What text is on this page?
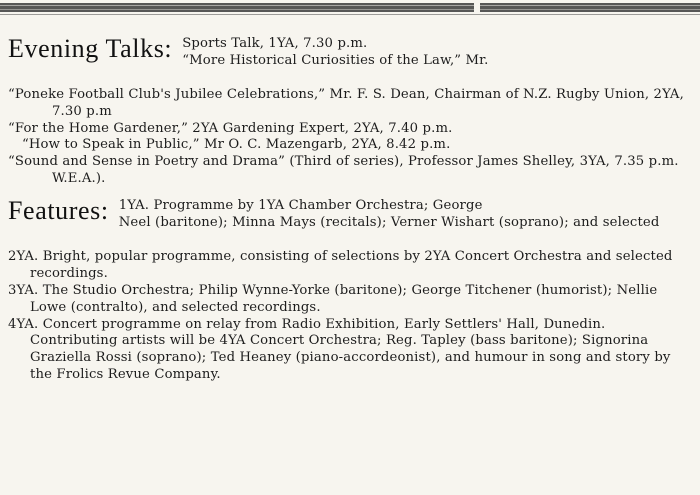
Evening Talks: Sports Talk, 1YA, 7.30 p.m.
“More Historical Curiosities of the Law,” Mr.

“Poneke Football Club's Jubilee Celebrations,” Mr. F. S. Dean, Chairman of N.Z. Rugby Union, 2YA, 7.30 p.m

“For the Home Gardener,” 2YA Gardening Expert, 2YA, 7.40 p.m.

“How to Speak in Public,” Mr O. C. Mazengarb, 2YA, 8.42 p.m.

“Sound and Sense in Poetry and Drama” (Third of series), Professor James Shelley, 3YA, 7.35 p.m. W.E.A.).

Features: 1YA. Programme by 1YA Chamber Orchestra; George
Neel (baritone); Minna Mays (recitals); Verner Wishart (soprano); and selected

2YA. Bright, popular programme, consisting of selections by 2YA Concert Orchestra and selected recordings.

3YA. The Studio Orchestra; Philip Wynne-Yorke (baritone); George Titchener (humorist); Nellie Lowe (contralto), and selected recordings.

4YA. Concert programme on relay from Radio Exhibition, Early Settlers' Hall, Dunedin. Contributing artists will be 4YA Concert Orchestra; Reg. Tapley (bass baritone); Signorina Graziella Rossi (soprano); Ted Heaney (piano-accordeonist), and humour in song and story by the Frolics Revue Company.
